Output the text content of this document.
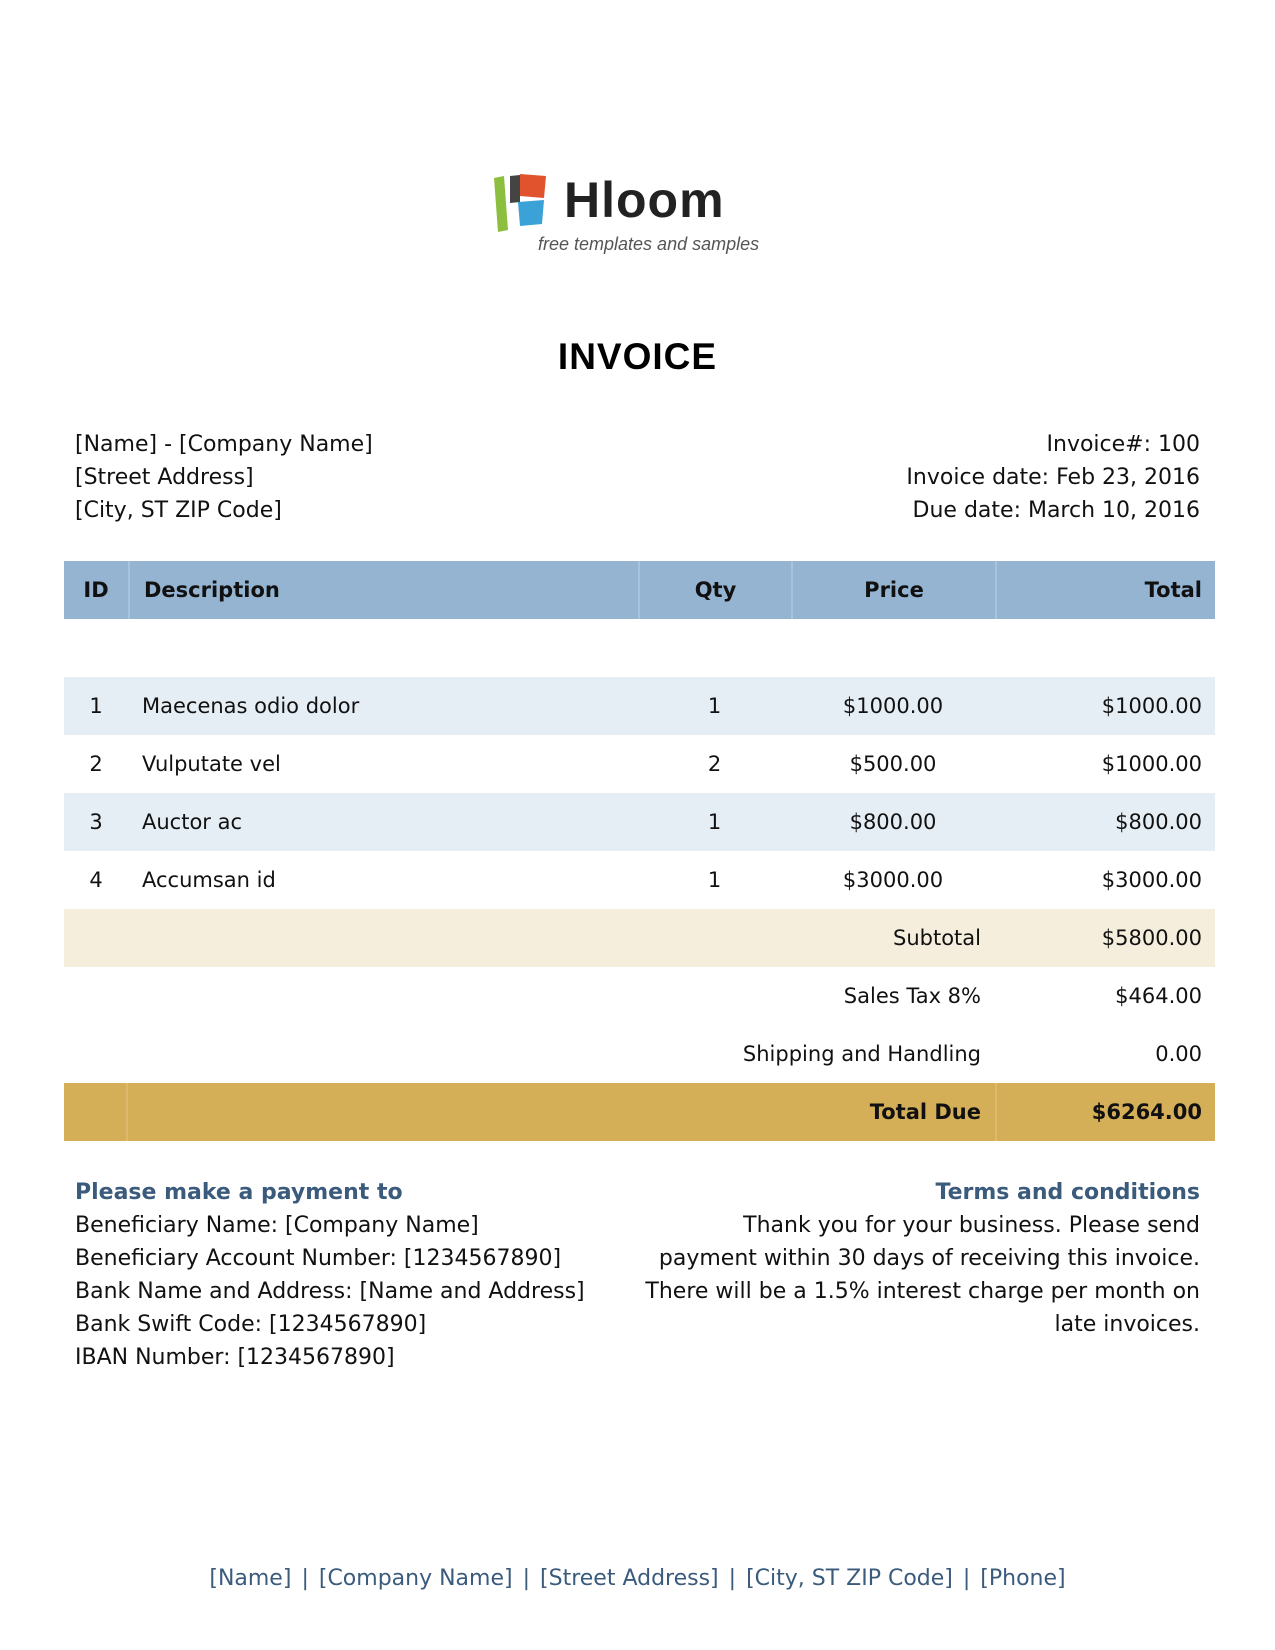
Hloom
free templates and samples
INVOICE
[Name] - [Company Name]
[Street Address]
[City, ST ZIP Code]
Invoice#: 100
Invoice date: Feb 23, 2016
Due date: March 10, 2016
ID	Description	Qty	Price	Total
1	Maecenas odio dolor	1	$1000.00	$1000.00
2	Vulputate vel	2	$500.00	$1000.00
3	Auctor ac	1	$800.00	$800.00
4	Accumsan id	1	$3000.00	$3000.00
Subtotal	$5800.00
Sales Tax 8%	$464.00
Shipping and Handling	0.00
Total Due	$6264.00
Please make a payment to
Beneficiary Name: [Company Name]
Beneficiary Account Number: [1234567890]
Bank Name and Address: [Name and Address]
Bank Swift Code: [1234567890]
IBAN Number: [1234567890]
Terms and conditions
Thank you for your business. Please send payment within 30 days of receiving this invoice. There will be a 1.5% interest charge per month on late invoices.
[Name] | [Company Name] | [Street Address] | [City, ST ZIP Code] | [Phone]
